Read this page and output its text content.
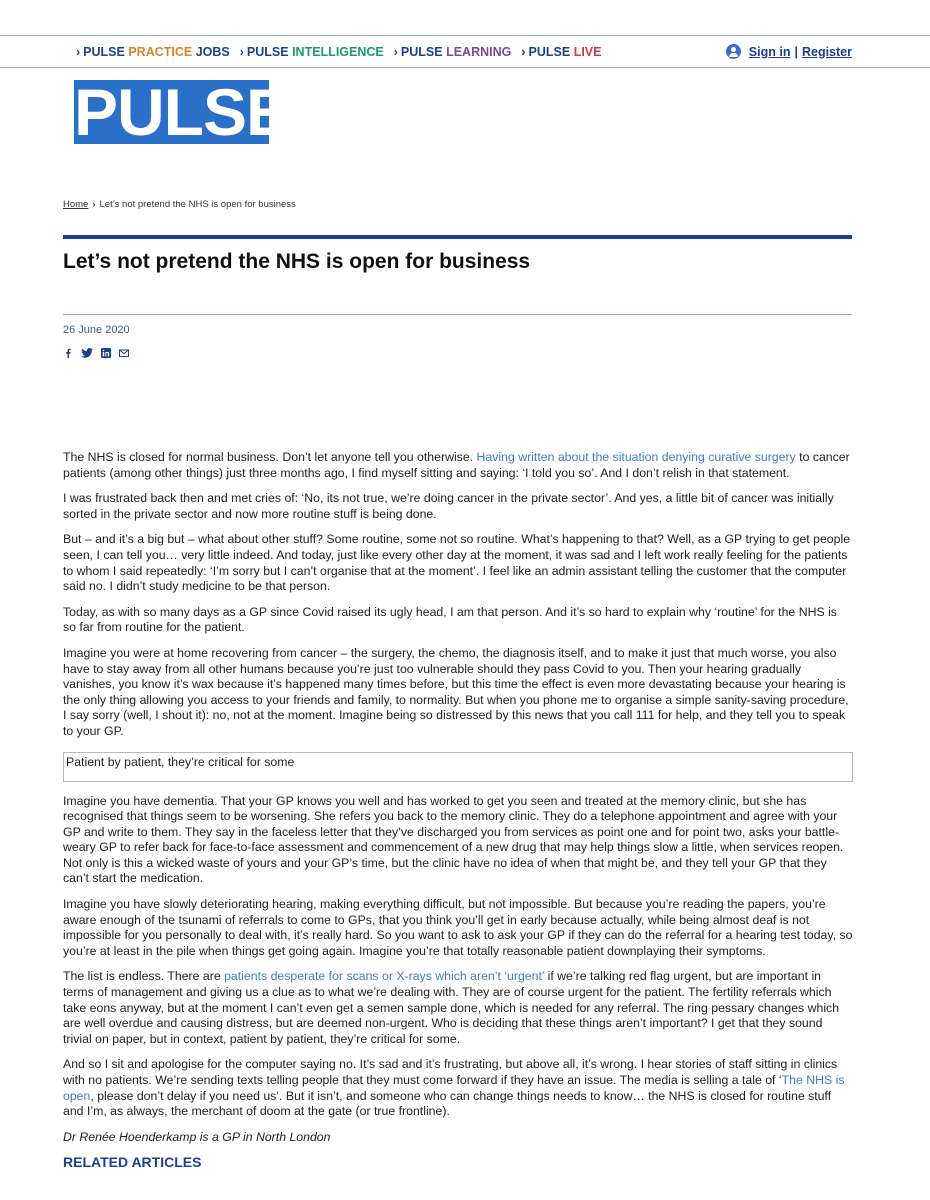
› PULSE PRACTICE JOBS › PULSE INTELLIGENCE › PULSE LEARNING › PULSE LIVE	Sign in | Register
PULSE
Home › Let’s not pretend the NHS is open for business
Let’s not pretend the NHS is open for business
26 June 2020

The NHS is closed for normal business. Don’t let anyone tell you otherwise. Having written about the situation denying curative surgery to cancer patients (among other things) just three months ago, I find myself sitting and saying: ‘I told you so’. And I don’t relish in that statement.

I was frustrated back then and met cries of: ‘No, its not true, we’re doing cancer in the private sector’. And yes, a little bit of cancer was initially sorted in the private sector and now more routine stuff is being done.

But – and it’s a big but – what about other stuff? Some routine, some not so routine. What’s happening to that? Well, as a GP trying to get people seen, I can tell you… very little indeed. And today, just like every other day at the moment, it was sad and I left work really feeling for the patients to whom I said repeatedly: ‘I’m sorry but I can’t organise that at the moment’. I feel like an admin assistant telling the customer that the computer said no. I didn’t study medicine to be that person.

Today, as with so many days as a GP since Covid raised its ugly head, I am that person. And it’s so hard to explain why ‘routine’ for the NHS is so far from routine for the patient.

Imagine you were at home recovering from cancer – the surgery, the chemo, the diagnosis itself, and to make it just that much worse, you also have to stay away from all other humans because you’re just too vulnerable should they pass Covid to you. Then your hearing gradually vanishes, you know it’s wax because it’s happened many times before, but this time the effect is even more devastating because your hearing is the only thing allowing you access to your friends and family, to normality. But when you phone me to organise a simple sanity-saving procedure, I say sorry (well, I shout it): no, not at the moment. Imagine being so distressed by this news that you call 111 for help, and they tell you to speak to your GP.

Patient by patient, they’re critical for some

Imagine you have dementia. That your GP knows you well and has worked to get you seen and treated at the memory clinic, but she has recognised that things seem to be worsening. She refers you back to the memory clinic. They do a telephone appointment and agree with your GP and write to them. They say in the faceless letter that they’ve discharged you from services as point one and for point two, asks your battle-weary GP to refer back for face-to-face assessment and commencement of a new drug that may help things slow a little, when services reopen. Not only is this a wicked waste of yours and your GP’s time, but the clinic have no idea of when that might be, and they tell your GP that they can’t start the medication.

Imagine you have slowly deteriorating hearing, making everything difficult, but not impossible. But because you’re reading the papers, you’re aware enough of the tsunami of referrals to come to GPs, that you think you’ll get in early because actually, while being almost deaf is not impossible for you personally to deal with, it’s really hard. So you want to ask to ask your GP if they can do the referral for a hearing test today, so you’re at least in the pile when things get going again. Imagine you’re that totally reasonable patient downplaying their symptoms.

The list is endless. There are patients desperate for scans or X-rays which aren’t ‘urgent’ if we’re talking red flag urgent, but are important in terms of management and giving us a clue as to what we’re dealing with. They are of course urgent for the patient. The fertility referrals which take eons anyway, but at the moment I can’t even get a semen sample done, which is needed for any referral. The ring pessary changes which are well overdue and causing distress, but are deemed non-urgent. Who is deciding that these things aren’t important? I get that they sound trivial on paper, but in context, patient by patient, they’re critical for some.

And so I sit and apologise for the computer saying no. It’s sad and it’s frustrating, but above all, it’s wrong. I hear stories of staff sitting in clinics with no patients. We’re sending texts telling people that they must come forward if they have an issue. The media is selling a tale of ‘The NHS is open, please don’t delay if you need us’. But it isn’t, and someone who can change things needs to know… the NHS is closed for routine stuff and I’m, as always, the merchant of doom at the gate (or true frontline).

Dr Renée Hoenderkamp is a GP in North London

RELATED ARTICLES
